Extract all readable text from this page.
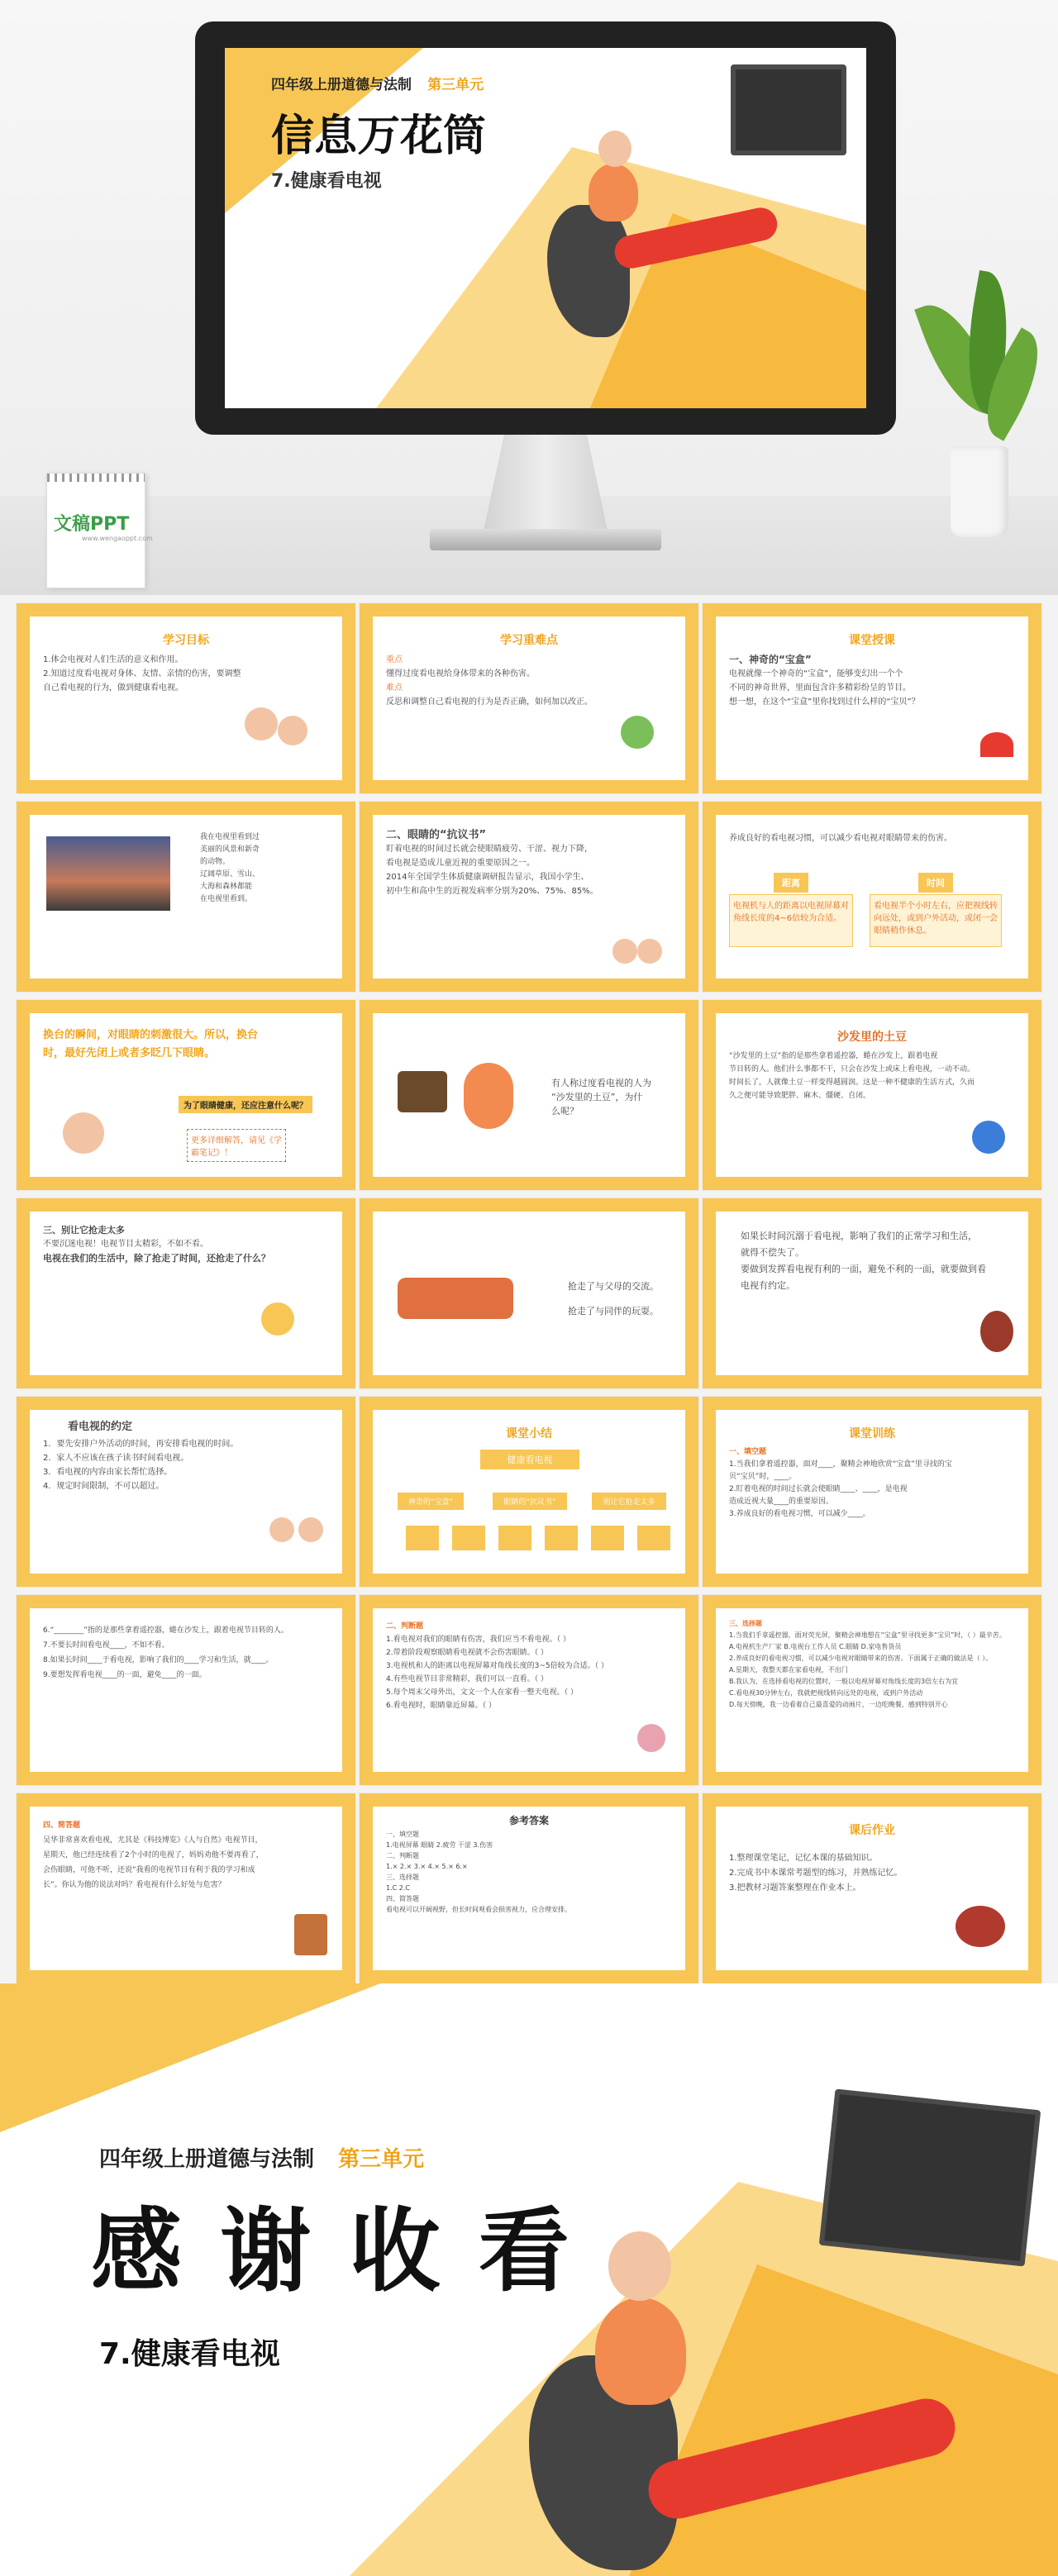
四年级上册道德与法制 第三单元
信息万花筒
7.健康看电视
文稿PPT
www.wengaoppt.com
学习目标
1.体会电视对人们生活的意义和作用。
2.知道过度看电视对身体、友情、亲情的伤害，要调整自己看电视的行为，做到健康看电视。
学习重难点
重点
懂得过度看电视给身体带来的各种伤害。
难点
反思和调整自己看电视的行为是否正确，如何加以改正。
课堂授课
一、神奇的“宝盒”
电视就像一个神奇的“宝盒”，能够变幻出一个个
不同的神奇世界，里面包含许多精彩纷呈的节目。
想一想，在这个“宝盒”里你找到过什么样的“宝贝”？
我在电视里看到过
美丽的风景和新奇
的动物。
辽阔草原、雪山、
大海和森林都能
在电视里看到。
二、眼睛的“抗议书”
盯着电视的时间过长就会使眼睛疲劳、干涩、视力下降，
看电视是造成儿童近视的重要原因之一。
2014年全国学生体质健康调研报告显示，我国小学生、
初中生和高中生的近视发病率分别为20%、75%、85%。
养成良好的看电视习惯，可以减少看电视对眼睛带来的伤害。
距离	时间
电视机与人的距离以电视屏幕对角线长度的4~6倍较为合适。
看电视半个小时左右，应把视线转向远处，或到户外活动，或闭一会眼睛稍作休息。
换台的瞬间，对眼睛的刺激很大。所以，换台
时，最好先闭上或者多眨几下眼睛。
为了眼睛健康，还应注意什么呢？
更多详细解答，请见《学霸笔记》！
有人称过度看电视的人为
“沙发里的土豆”，为什
么呢？
沙发里的土豆
“沙发里的土豆”指的是那些拿着遥控器，蜷在沙发上，跟着电视
节目转的人。他们什么事都不干，只会在沙发上或床上看电视，一动不动。
时间长了，人就像土豆一样变得越圆润。这是一种不健康的生活方式，久而
久之便可能导致肥胖、麻木、僵硬、自闭。
三、别让它抢走太多
不要沉迷电视！电视节目太精彩，不如不看。
电视在我们的生活中，除了抢走了时间，还抢走了什么？
抢走了与父母的交流。
抢走了与同伴的玩耍。
如果长时间沉溺于看电视，影响了我们的正常学习和生活，
就得不偿失了。
要做到发挥看电视有利的一面，避免不利的一面，就要做到看
电视有约定。
看电视的约定
1．要先安排户外活动的时间，再安排看电视的时间。
2．家人不应该在孩子读书时间看电视。
3．看电视的内容由家长帮忙选择。
4．规定时间限制，不可以超过。
课堂小结
健康看电视
神奇的“宝盒”	眼睛的“抗议书”	别让它抢走太多
课堂训练
一、填空题
1.当我们拿着遥控器，面对____，聚精会神地欣赏“宝盒”里寻找的宝
贝“宝贝”时，____。
2.盯着电视的时间过长就会使眼睛____、____，是电视
造成近视大量____的重要原因。
3.养成良好的看电视习惯，可以减少____。
6.“________”指的是那些拿着遥控器，蜷在沙发上，跟着电视节目转的人。
7.不要长时间看电视____，不如不看。
8.如果长时间____于看电视，影响了我们的____学习和生活，就____。
9.要想发挥看电视____的一面，避免____的一面。
二、判断题
1.看电视对我们的眼睛有伤害，我们应当不看电视。（ ）
2.带着阶段观察眼睛看电视就不会伤害眼睛。（ ）
3.电视机和人的距离以电视屏幕对角线长度的3~5倍较为合适。（ ）
4.有些电视节目非常精彩，我们可以一直看。（ ）
5.每个周末父母外出，文文一个人在家看一整天电视。（ ）
6.看电视时，眼睛靠近屏幕。（ ）
三、选择题
1.当我们手拿遥控器，面对荧光屏，聚精会神地想在“宝盒”里寻找更多“宝贝”时，（ ）最辛苦。
A.电视机生产厂家 B.电视台工作人员 C.眼睛 D.家电售货员
2.养成良好的看电视习惯，可以减少电视对眼睛带来的伤害。下面属于正确的做法是（ ）。
A.星期天，我整天都在家看电视，不出门
B.我认为，在选择看电视的位置时，一般以电视屏幕对角线长度的3倍左右为宜
C.看电视30分钟左右，我就把视线转向远处的电视，或到户外活动
D.每天傍晚，我一边看着自己最喜爱的动画片，一边吃晚餐，感到特别开心
四、简答题
吴华非常喜欢看电视，尤其是《科技博览》《人与自然》电视节目，
星期天，他已经连续看了2个小时的电视了，妈妈劝他不要再看了，
会伤眼睛，可他不听，还说“我看的电视节目有利于我的学习和成
长”。你认为他的说法对吗？看电视有什么好处与危害？
参考答案
一、填空题
1.电视屏幕 眼睛 2.疲劳 干涩 3.伤害
二、判断题
1.× 2.× 3.× 4.× 5.× 6.×
三、选择题
1.C 2.C
四、简答题
看电视可以开阔视野，但长时间观看会损害视力，应合理安排。
课后作业
1.整理课堂笔记，记忆本课的基础知识。
2.完成书中本课常考题型的练习，并熟练记忆。
3.把教材习题答案整理在作业本上。
四年级上册道德与法制 第三单元
感 谢 收 看
7.健康看电视
